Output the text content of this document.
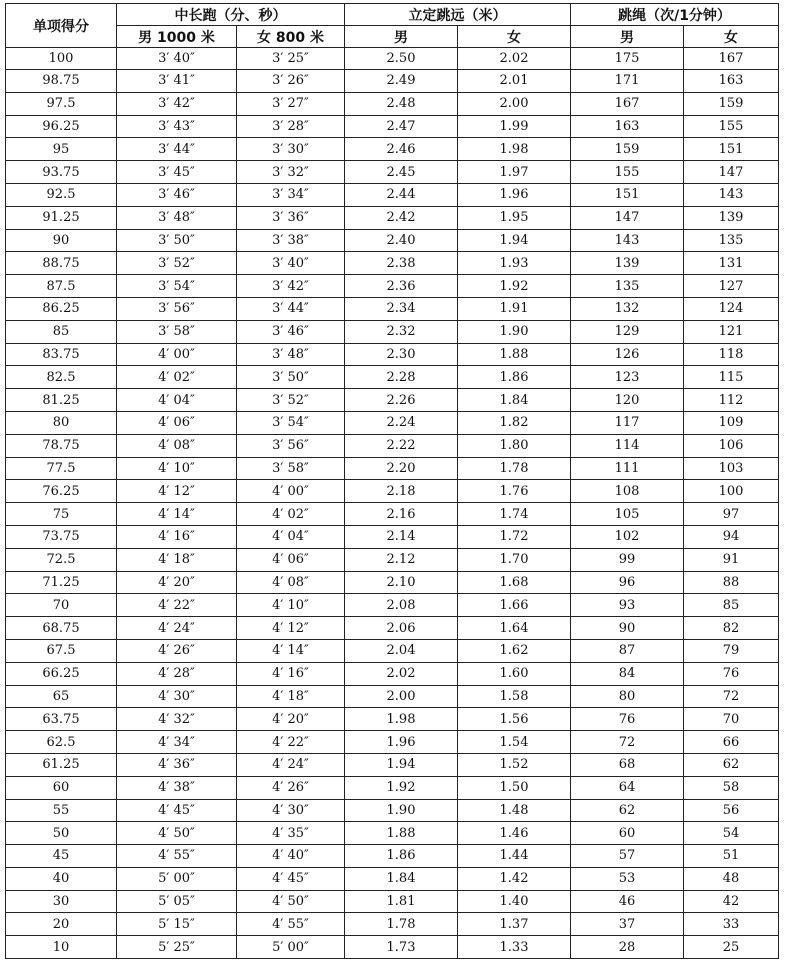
单项得分	中长跑（分、秒）		立定跳远（米）		跳绳（次/1分钟）	
	男 1000 米	女 800 米	男	女	男	女
100	3′ 40″	3′ 25″	2.50	2.02	175	167
98.75	3′ 41″	3′ 26″	2.49	2.01	171	163
97.5	3′ 42″	3′ 27″	2.48	2.00	167	159
96.25	3′ 43″	3′ 28″	2.47	1.99	163	155
95	3′ 44″	3′ 30″	2.46	1.98	159	151
93.75	3′ 45″	3′ 32″	2.45	1.97	155	147
92.5	3′ 46″	3′ 34″	2.44	1.96	151	143
91.25	3′ 48″	3′ 36″	2.42	1.95	147	139
90	3′ 50″	3′ 38″	2.40	1.94	143	135
88.75	3′ 52″	3′ 40″	2.38	1.93	139	131
87.5	3′ 54″	3′ 42″	2.36	1.92	135	127
86.25	3′ 56″	3′ 44″	2.34	1.91	132	124
85	3′ 58″	3′ 46″	2.32	1.90	129	121
83.75	4′ 00″	3′ 48″	2.30	1.88	126	118
82.5	4′ 02″	3′ 50″	2.28	1.86	123	115
81.25	4′ 04″	3′ 52″	2.26	1.84	120	112
80	4′ 06″	3′ 54″	2.24	1.82	117	109
78.75	4′ 08″	3′ 56″	2.22	1.80	114	106
77.5	4′ 10″	3′ 58″	2.20	1.78	111	103
76.25	4′ 12″	4′ 00″	2.18	1.76	108	100
75	4′ 14″	4′ 02″	2.16	1.74	105	97
73.75	4′ 16″	4′ 04″	2.14	1.72	102	94
72.5	4′ 18″	4′ 06″	2.12	1.70	99	91
71.25	4′ 20″	4′ 08″	2.10	1.68	96	88
70	4′ 22″	4′ 10″	2.08	1.66	93	85
68.75	4′ 24″	4′ 12″	2.06	1.64	90	82
67.5	4′ 26″	4′ 14″	2.04	1.62	87	79
66.25	4′ 28″	4′ 16″	2.02	1.60	84	76
65	4′ 30″	4′ 18″	2.00	1.58	80	72
63.75	4′ 32″	4′ 20″	1.98	1.56	76	70
62.5	4′ 34″	4′ 22″	1.96	1.54	72	66
61.25	4′ 36″	4′ 24″	1.94	1.52	68	62
60	4′ 38″	4′ 26″	1.92	1.50	64	58
55	4′ 45″	4′ 30″	1.90	1.48	62	56
50	4′ 50″	4′ 35″	1.88	1.46	60	54
45	4′ 55″	4′ 40″	1.86	1.44	57	51
40	5′ 00″	4′ 45″	1.84	1.42	53	48
30	5′ 05″	4′ 50″	1.81	1.40	46	42
20	5′ 15″	4′ 55″	1.78	1.37	37	33
10	5′ 25″	5′ 00″	1.73	1.33	28	25
